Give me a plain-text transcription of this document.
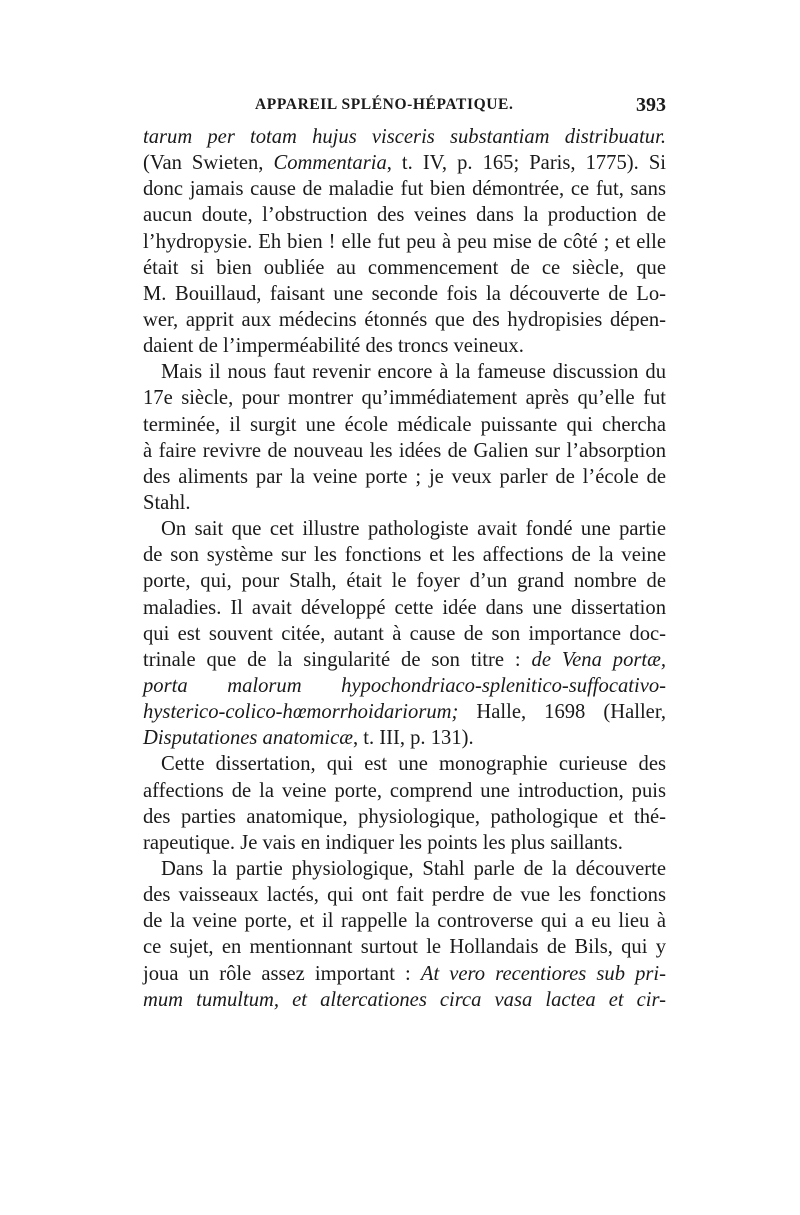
APPAREIL SPLÉNO-HÉPATIQUE.	393
tarum per totam hujus visceris substantiam distribuatur.
(Van Swieten, Commentaria, t. IV, p. 165; Paris, 1775). Si
donc jamais cause de maladie fut bien démontrée, ce fut, sans
aucun doute, l’obstruction des veines dans la production de
l’hydropysie. Eh bien ! elle fut peu à peu mise de côté ; et elle
était si bien oubliée au commencement de ce siècle, que
M. Bouillaud, faisant une seconde fois la découverte de Lo-
wer, apprit aux médecins étonnés que des hydropisies dépen-
daient de l’imperméabilité des troncs veineux.
Mais il nous faut revenir encore à la fameuse discussion du
17e siècle, pour montrer qu’immédiatement après qu’elle fut
terminée, il surgit une école médicale puissante qui chercha
à faire revivre de nouveau les idées de Galien sur l’absorption
des aliments par la veine porte ; je veux parler de l’école de
Stahl.
On sait que cet illustre pathologiste avait fondé une partie
de son système sur les fonctions et les affections de la veine
porte, qui, pour Stalh, était le foyer d’un grand nombre de
maladies. Il avait développé cette idée dans une dissertation
qui est souvent citée, autant à cause de son importance doc-
trinale que de la singularité de son titre : de Vena portæ,
porta malorum hypochondriaco-splenitico-suffocativo-
hysterico-colico-hœmorrhoidariorum; Halle, 1698 (Haller,
Disputationes anatomicæ, t. III, p. 131).
Cette dissertation, qui est une monographie curieuse des
affections de la veine porte, comprend une introduction, puis
des parties anatomique, physiologique, pathologique et thé-
rapeutique. Je vais en indiquer les points les plus saillants.
Dans la partie physiologique, Stahl parle de la découverte
des vaisseaux lactés, qui ont fait perdre de vue les fonctions
de la veine porte, et il rappelle la controverse qui a eu lieu à
ce sujet, en mentionnant surtout le Hollandais de Bils, qui y
joua un rôle assez important : At vero recentiores sub pri-
mum tumultum, et altercationes circa vasa lactea et cir-
